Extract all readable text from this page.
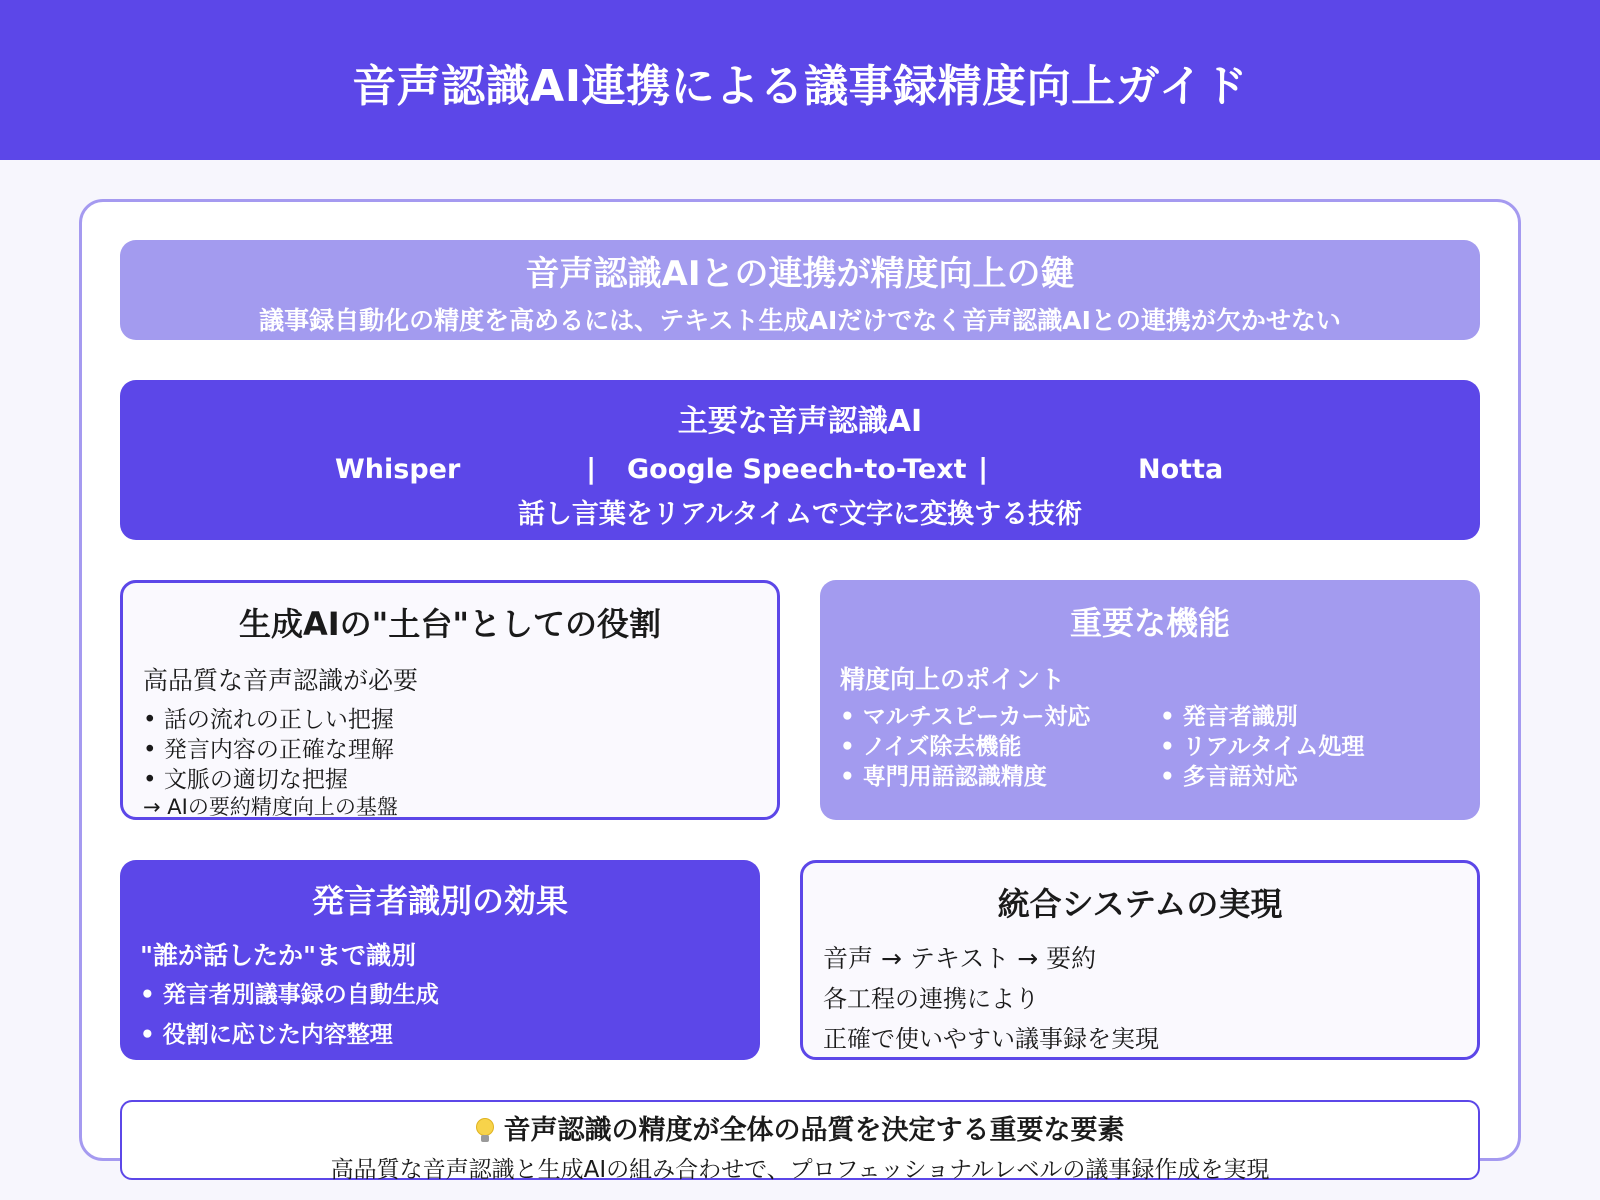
音声認識AI連携による議事録精度向上ガイド
音声認識AIとの連携が精度向上の鍵
議事録自動化の精度を高めるには、テキスト生成AIだけでなく音声認識AIとの連携が欠かせない
主要な音声認識AI
Whisper	| Google Speech-to-Text |	Notta
話し言葉をリアルタイムで文字に変換する技術
生成AIの"土台"としての役割
高品質な音声認識が必要
• 話の流れの正しい把握
• 発言内容の正確な理解
• 文脈の適切な把握
→ AIの要約精度向上の基盤
重要な機能
精度向上のポイント
• マルチスピーカー対応
• ノイズ除去機能
• 専門用語認識精度
• 発言者識別
• リアルタイム処理
• 多言語対応
発言者識別の効果
"誰が話したか"まで識別
• 発言者別議事録の自動生成
• 役割に応じた内容整理
統合システムの実現
音声 → テキスト → 要約
各工程の連携により
正確で使いやすい議事録を実現
音声認識の精度が全体の品質を決定する重要な要素
高品質な音声認識と生成AIの組み合わせで、プロフェッショナルレベルの議事録作成を実現
